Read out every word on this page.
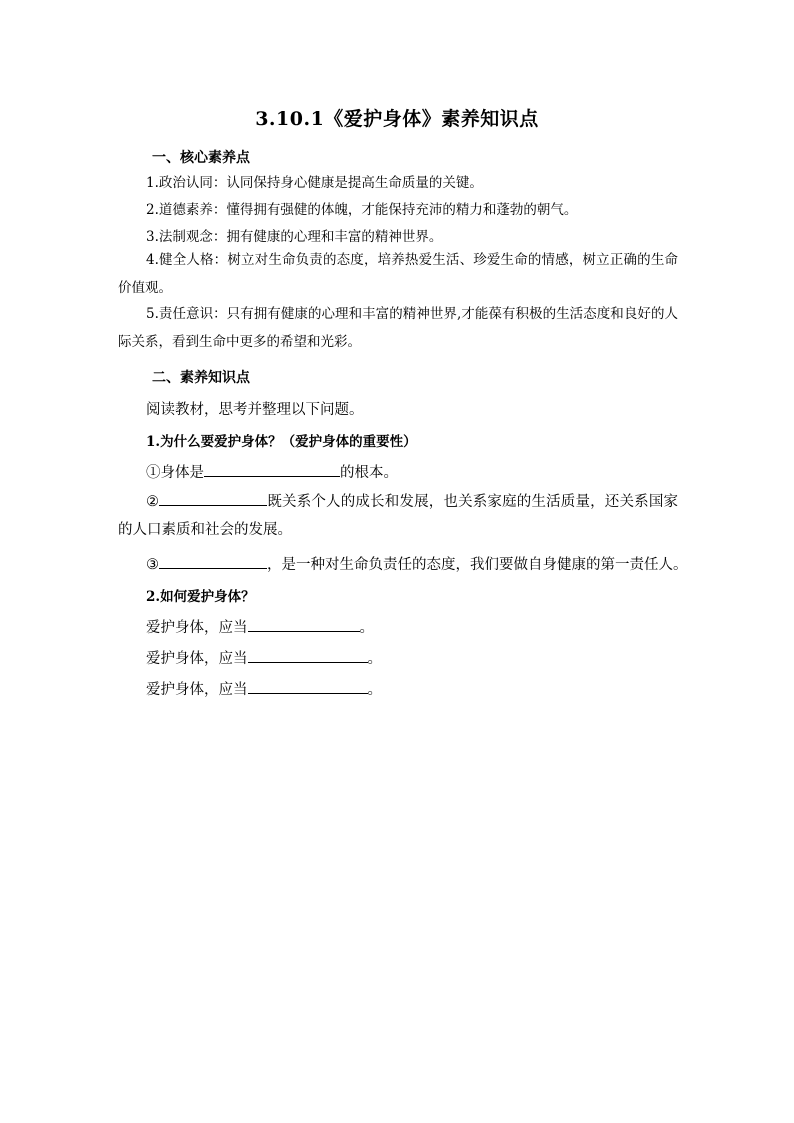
3.10.1《爱护身体》素养知识点
一、核心素养点
1.政治认同：认同保持身心健康是提高生命质量的关键。
2.道德素养：懂得拥有强健的体魄，才能保持充沛的精力和蓬勃的朝气。
3.法制观念：拥有健康的心理和丰富的精神世界。
4.健全人格：树立对生命负责的态度，培养热爱生活、珍爱生命的情感，树立正确的生命价值观。
5.责任意识：只有拥有健康的心理和丰富的精神世界,才能葆有积极的生活态度和良好的人际关系，看到生命中更多的希望和光彩。
二、素养知识点
阅读教材，思考并整理以下问题。
1.为什么要爱护身体？（爱护身体的重要性）
①身体是	的根本。
②	既关系个人的成长和发展，也关系家庭的生活质量，还关系国家的人口素质和社会的发展。
③	，是一种对生命负责任的态度，我们要做自身健康的第一责任人。
2.如何爱护身体？
爱护身体，应当	。
爱护身体，应当	。
爱护身体，应当	。
